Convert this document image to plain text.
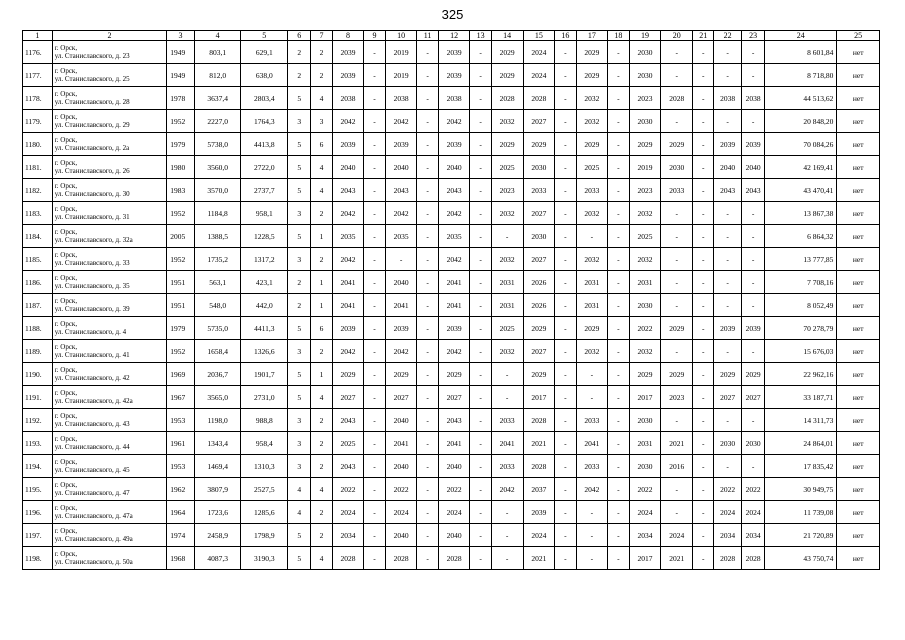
325
1	2	3	4	5	6	7	8	9	10	11	12	13	14	15	16	17	18	19	20	21	22	23	24	25
1176.	г. Орск,
ул. Станиславского, д. 23	1949	803,1	629,1	2	2	2039	-	2019	-	2039	-	2029	2024	-	2029	-	2030	-	-	-	-	8 601,84	нет
1177.	г. Орск,
ул. Станиславского, д. 25	1949	812,0	638,0	2	2	2039	-	2019	-	2039	-	2029	2024	-	2029	-	2030	-	-	-	-	8 718,80	нет
1178.	г. Орск,
ул. Станиславского, д. 28	1978	3637,4	2803,4	5	4	2038	-	2038	-	2038	-	2028	2028	-	2032	-	2023	2028	-	2038	2038	44 513,62	нет
1179.	г. Орск,
ул. Станиславского, д. 29	1952	2227,0	1764,3	3	3	2042	-	2042	-	2042	-	2032	2027	-	2032	-	2030	-	-	-	-	20 848,20	нет
1180.	г. Орск,
ул. Станиславского, д. 2а	1979	5738,0	4413,8	5	6	2039	-	2039	-	2039	-	2029	2029	-	2029	-	2029	2029	-	2039	2039	70 084,26	нет
1181.	г. Орск,
ул. Станиславского, д. 26	1980	3560,0	2722,0	5	4	2040	-	2040	-	2040	-	2025	2030	-	2025	-	2019	2030	-	2040	2040	42 169,41	нет
1182.	г. Орск,
ул. Станиславского, д. 30	1983	3570,0	2737,7	5	4	2043	-	2043	-	2043	-	2023	2033	-	2033	-	2023	2033	-	2043	2043	43 470,41	нет
1183.	г. Орск,
ул. Станиславского, д. 31	1952	1184,8	958,1	3	2	2042	-	2042	-	2042	-	2032	2027	-	2032	-	2032	-	-	-	-	13 867,38	нет
1184.	г. Орск,
ул. Станиславского, д. 32а	2005	1388,5	1228,5	5	1	2035	-	2035	-	2035	-	-	2030	-	-	-	2025	-	-	-	-	6 864,32	нет
1185.	г. Орск,
ул. Станиславского, д. 33	1952	1735,2	1317,2	3	2	2042	-	-	-	2042	-	2032	2027	-	2032	-	2032	-	-	-	-	13 777,85	нет
1186.	г. Орск,
ул. Станиславского, д. 35	1951	563,1	423,1	2	1	2041	-	2040	-	2041	-	2031	2026	-	2031	-	2031	-	-	-	-	7 708,16	нет
1187.	г. Орск,
ул. Станиславского, д. 39	1951	548,0	442,0	2	1	2041	-	2041	-	2041	-	2031	2026	-	2031	-	2030	-	-	-	-	8 052,49	нет
1188.	г. Орск,
ул. Станиславского, д. 4	1979	5735,0	4411,3	5	6	2039	-	2039	-	2039	-	2025	2029	-	2029	-	2022	2029	-	2039	2039	70 278,79	нет
1189.	г. Орск,
ул. Станиславского, д. 41	1952	1658,4	1326,6	3	2	2042	-	2042	-	2042	-	2032	2027	-	2032	-	2032	-	-	-	-	15 676,03	нет
1190.	г. Орск,
ул. Станиславского, д. 42	1969	2036,7	1901,7	5	1	2029	-	2029	-	2029	-	-	2029	-	-	-	2029	2029	-	2029	2029	22 962,16	нет
1191.	г. Орск,
ул. Станиславского, д. 42а	1967	3565,0	2731,0	5	4	2027	-	2027	-	2027	-	-	2017	-	-	-	2017	2023	-	2027	2027	33 187,71	нет
1192.	г. Орск,
ул. Станиславского, д. 43	1953	1198,0	988,8	3	2	2043	-	2040	-	2043	-	2033	2028	-	2033	-	2030	-	-	-	-	14 311,73	нет
1193.	г. Орск,
ул. Станиславского, д. 44	1961	1343,4	958,4	3	2	2025	-	2041	-	2041	-	2041	2021	-	2041	-	2031	2021	-	2030	2030	24 864,01	нет
1194.	г. Орск,
ул. Станиславского, д. 45	1953	1469,4	1310,3	3	2	2043	-	2040	-	2040	-	2033	2028	-	2033	-	2030	2016	-	-	-	17 835,42	нет
1195.	г. Орск,
ул. Станиславского, д. 47	1962	3807,9	2527,5	4	4	2022	-	2022	-	2022	-	2042	2037	-	2042	-	2022	-	-	2022	2022	30 949,75	нет
1196.	г. Орск,
ул. Станиславского, д. 47а	1964	1723,6	1285,6	4	2	2024	-	2024	-	2024	-	-	2039	-	-	-	2024	-	-	2024	2024	11 739,08	нет
1197.	г. Орск,
ул. Станиславского, д. 49а	1974	2458,9	1798,9	5	2	2034	-	2040	-	2040	-	-	2024	-	-	-	2034	2024	-	2034	2034	21 720,89	нет
1198.	г. Орск,
ул. Станиславского, д. 50а	1968	4087,3	3190,3	5	4	2028	-	2028	-	2028	-	-	2021	-	-	-	2017	2021	-	2028	2028	43 750,74	нет
